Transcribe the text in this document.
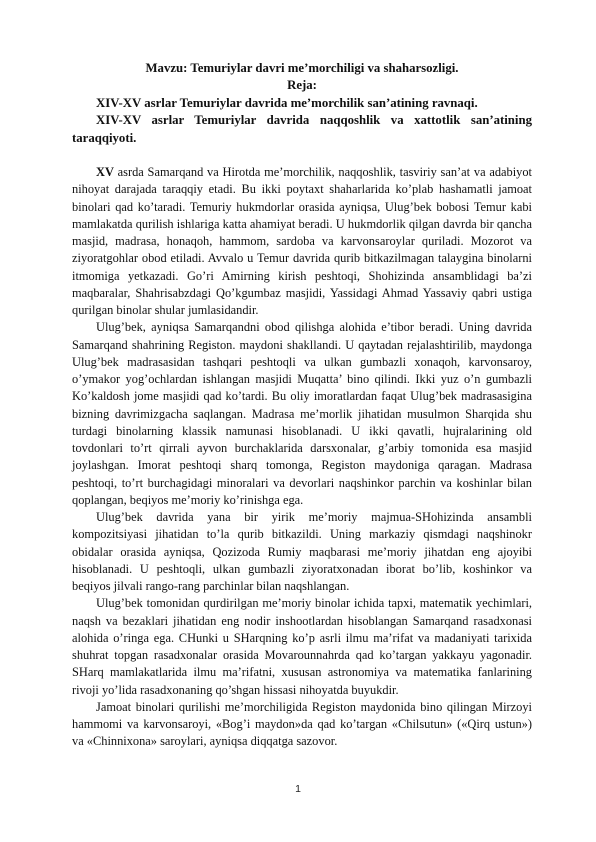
Mavzu: Temuriylar davri me’morchiligi va shaharsozligi.
Reja:
XIV-XV asrlar Temuriylar davrida me’morchilik san’atining ravnaqi.
XIV-XV asrlar Temuriylar davrida naqqoshlik va xattotlik san’atining taraqqiyoti.

XV asrda Samarqand va Hirotda me’morchilik, naqqoshlik, tasviriy san’at va adabiyot nihoyat darajada taraqqiy etadi. Bu ikki poytaxt shaharlarida ko’plab hashamatli jamoat binolari qad ko’taradi. Temuriy hukmdorlar orasida ayniqsa, Ulug’bek bobosi Temur kabi mamlakatda qurilish ishlariga katta ahamiyat beradi. U hukmdorlik qilgan davrda bir qancha masjid, madrasa, honaqoh, hammom, sardoba va karvonsaroylar quriladi. Mozorot va ziyoratgohlar obod etiladi. Avvalo u Temur davrida qurib bitkazilmagan talaygina binolarni itmomiga yetkazadi. Go’ri Amirning kirish peshtoqi, Shohizinda ansamblidagi ba’zi maqbaralar, Shahrisabzdagi Qo’kgumbaz masjidi, Yassidagi Ahmad Yassaviy qabri ustiga qurilgan binolar shular jumlasidandir.

Ulug’bek, ayniqsa Samarqandni obod qilishga alohida e’tibor beradi. Uning davrida Samarqand shahrining Registon. maydoni shakllandi. U qaytadan rejalashtirilib, maydonga Ulug’bek madrasasidan tashqari peshtoqli va ulkan gumbazli xonaqoh, karvonsaroy, o’ymakor yog’ochlardan ishlangan masjidi Muqatta’ bino qilindi. Ikki yuz o’n gumbazli Ko’kaldosh jome masjidi qad ko’tardi. Bu oliy imoratlardan faqat Ulug’bek madrasasigina bizning davrimizgacha saqlangan. Madrasa me’morlik jihatidan musulmon Sharqida shu turdagi binolarning klassik namunasi hisoblanadi. U ikki qavatli, hujralarining old tovdonlari to’rt qirrali ayvon burchaklarida darsxonalar, g’arbiy tomonida esa masjid joylashgan. Imorat peshtoqi sharq tomonga, Registon maydoniga qaragan. Madrasa peshtoqi, to’rt burchagidagi minoralari va devorlari naqshinkor parchin va koshinlar bilan qoplangan, beqiyos me’moriy ko’rinishga ega.

Ulug’bek davrida yana bir yirik me’moriy majmua-SHohizinda ansambli kompozitsiyasi jihatidan to’la qurib bitkazildi. Uning markaziy qismdagi naqshinokr obidalar orasida ayniqsa, Qozizoda Rumiy maqbarasi me’moriy jihatdan eng ajoyibi hisoblanadi. U peshtoqli, ulkan gumbazli ziyoratxonadan iborat bo’lib, koshinkor va beqiyos jilvali rango-rang parchinlar bilan naqshlangan.

Ulug’bek tomonidan qurdirilgan me’moriy binolar ichida tapxi, matematik yechimlari, naqsh va bezaklari jihatidan eng nodir inshootlardan hisoblangan Samarqand rasadxonasi alohida o’ringa ega. CHunki u SHarqning ko’p asrli ilmu ma’rifat va madaniyati tarixida shuhrat topgan rasadxonalar orasida Movarounnahrda qad ko’targan yakkayu yagonadir. SHarq mamlakatlarida ilmu ma’rifatni, xususan astronomiya va matematika fanlarining rivoji yo’lida rasadxonaning qo’shgan hissasi nihoyatda buyukdir.

Jamoat binolari qurilishi me’morchiligida Registon maydonida bino qilingan Mirzoyi hammomi va karvonsaroyi, «Bog’i maydon»da qad ko’targan «Chilsutun» («Qirq ustun») va «Chinnixona» saroylari, ayniqsa diqqatga sazovor.

1
